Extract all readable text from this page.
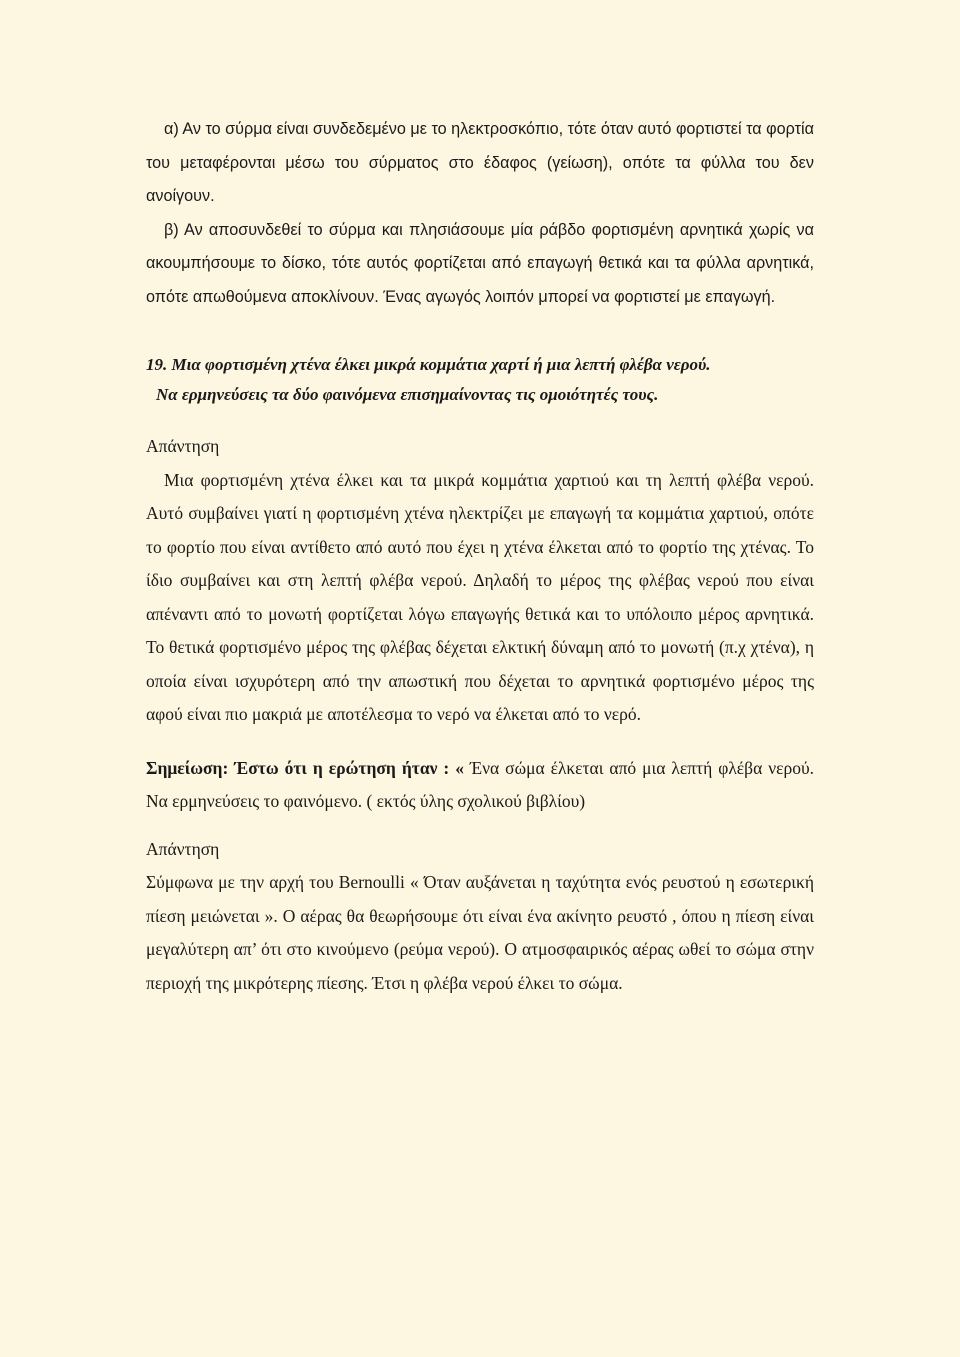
α) Αν το σύρμα είναι συνδεδεμένο με το ηλεκτροσκόπιο, τότε όταν αυτό φορτιστεί τα φορτία του μεταφέρονται μέσω του σύρματος στο έδαφος (γείωση), οπότε τα φύλλα του δεν ανοίγουν.

β) Αν αποσυνδεθεί το σύρμα και πλησιάσουμε μία ράβδο φορτισμένη αρνητικά χωρίς να ακουμπήσουμε το δίσκο, τότε αυτός φορτίζεται από επαγωγή θετικά και τα φύλλα αρνητικά, οπότε απωθούμενα αποκλίνουν. Ένας αγωγός λοιπόν μπορεί να φορτιστεί με επαγωγή.

19. Μια φορτισμένη χτένα έλκει μικρά κομμάτια χαρτί ή μια λεπτή φλέβα νερού.

Να ερμηνεύσεις τα δύο φαινόμενα επισημαίνοντας τις ομοιότητές τους.

Απάντηση

Μια φορτισμένη χτένα έλκει και τα μικρά κομμάτια χαρτιού και τη λεπτή φλέβα νερού. Αυτό συμβαίνει γιατί η φορτισμένη χτένα ηλεκτρίζει με επαγωγή τα κομμάτια χαρτιού, οπότε το φορτίο που είναι αντίθετο από αυτό που έχει η χτένα έλκεται από το φορτίο της χτένας. Το ίδιο συμβαίνει και στη λεπτή φλέβα νερού. Δηλαδή το μέρος της φλέβας νερού που είναι απέναντι από το μονωτή φορτίζεται λόγω επαγωγής θετικά και το υπόλοιπο μέρος αρνητικά. Το θετικά φορτισμένο μέρος της φλέβας δέχεται ελκτική δύναμη από το μονωτή (π.χ χτένα), η οποία είναι ισχυρότερη από την απωστική που δέχεται το αρνητικά φορτισμένο μέρος της αφού είναι πιο μακριά με αποτέλεσμα το νερό να έλκεται από το νερό.

Σημείωση: Έστω ότι η ερώτηση ήταν : « Ένα σώμα έλκεται από μια λεπτή φλέβα νερού. Να ερμηνεύσεις το φαινόμενο. ( εκτός ύλης σχολικού βιβλίου)

Απάντηση

Σύμφωνα με την αρχή του Bernoulli « Όταν αυξάνεται η ταχύτητα ενός ρευστού η εσωτερική πίεση μειώνεται ». Ο αέρας θα θεωρήσουμε ότι είναι ένα ακίνητο ρευστό , όπου η πίεση είναι μεγαλύτερη απ’ ότι στο κινούμενο (ρεύμα νερού). Ο ατμοσφαιρικός αέρας ωθεί το σώμα στην περιοχή της μικρότερης πίεσης. Έτσι η φλέβα νερού έλκει το σώμα.
